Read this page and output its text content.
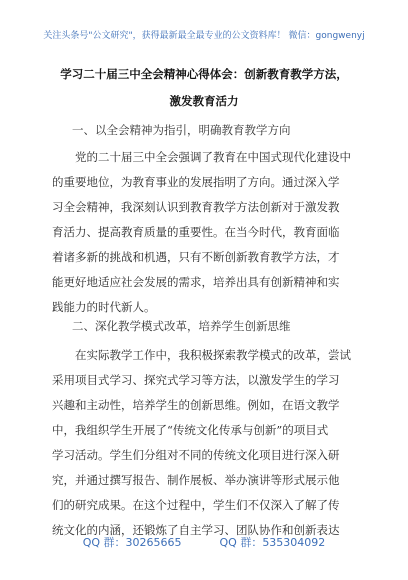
关注头条号"公文研究"，获得最新最全最专业的公文资料库！ 微信：gongwenyj
学习二十届三中全会精神心得体会：创新教育教学方法，
激发教育活力
一、以全会精神为指引，明确教育教学方向
党的二十届三中全会强调了教育在中国式现代化建设中
的重要地位，为教育事业的发展指明了方向。通过深入学
习全会精神，我深刻认识到教育教学方法创新对于激发教
育活力、提高教育质量的重要性。在当今时代，教育面临
着诸多新的挑战和机遇，只有不断创新教育教学方法，才
能更好地适应社会发展的需求，培养出具有创新精神和实
践能力的时代新人。
二、深化教学模式改革，培养学生创新思维
在实际教学工作中，我积极探索教学模式的改革，尝试
采用项目式学习、探究式学习等方法，以激发学生的学习
兴趣和主动性，培养学生的创新思维。例如，在语文教学
中，我组织学生开展了“传统文化传承与创新”的项目式
学习活动。学生们分组对不同的传统文化项目进行深入研
究，并通过撰写报告、制作展板、举办演讲等形式展示他
们的研究成果。在这个过程中，学生们不仅深入了解了传
统文化的内涵，还锻炼了自主学习、团队协作和创新表达
QQ 群：30265665	QQ 群：535304092
